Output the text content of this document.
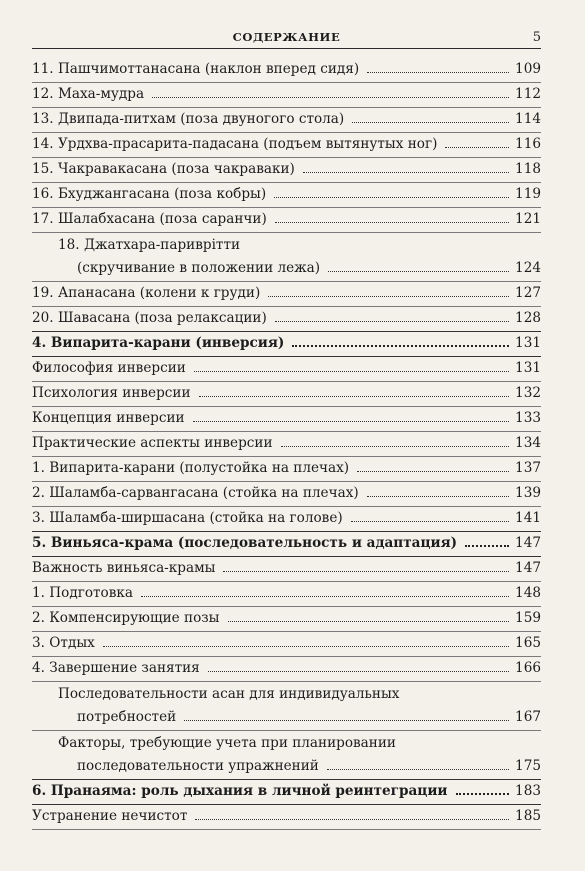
СОДЕРЖАНИЕ	5
11. Пашчимоттанасана (наклон вперед сидя)	109
12. Маха-мудра	112
13. Двипада-питхам (поза двуногого стола)	114
14. Урдхва-прасарита-падасана (подъем вытянутых ног)	116
15. Чакравакасана (поза чакраваки)	118
16. Бхуджангасана (поза кобры)	119
17. Шалабхасана (поза саранчи)	121
18. Джатхара-париврітти
(скручивание в положении лежа)	124
19. Апанасана (колени к груди)	127
20. Шавасана (поза релаксации)	128
4. Випарита-карани (инверсия)	131
Философия инверсии	131
Психология инверсии	132
Концепция инверсии	133
Практические аспекты инверсии	134
1. Випарита-карани (полустойка на плечах)	137
2. Шаламба-сарвангасана (стойка на плечах)	139
3. Шаламба-ширшасана (стойка на голове)	141
5. Виньяса-крама (последовательность и адаптация)	147
Важность виньяса-крамы	147
1. Подготовка	148
2. Компенсирующие позы	159
3. Отдых	165
4. Завершение занятия	166
Последовательности асан для индивидуальных
потребностей	167
Факторы, требующие учета при планировании
последовательности упражнений	175
6. Пранаяма: роль дыхания в личной реинтеграции	183
Устранение нечистот	185
